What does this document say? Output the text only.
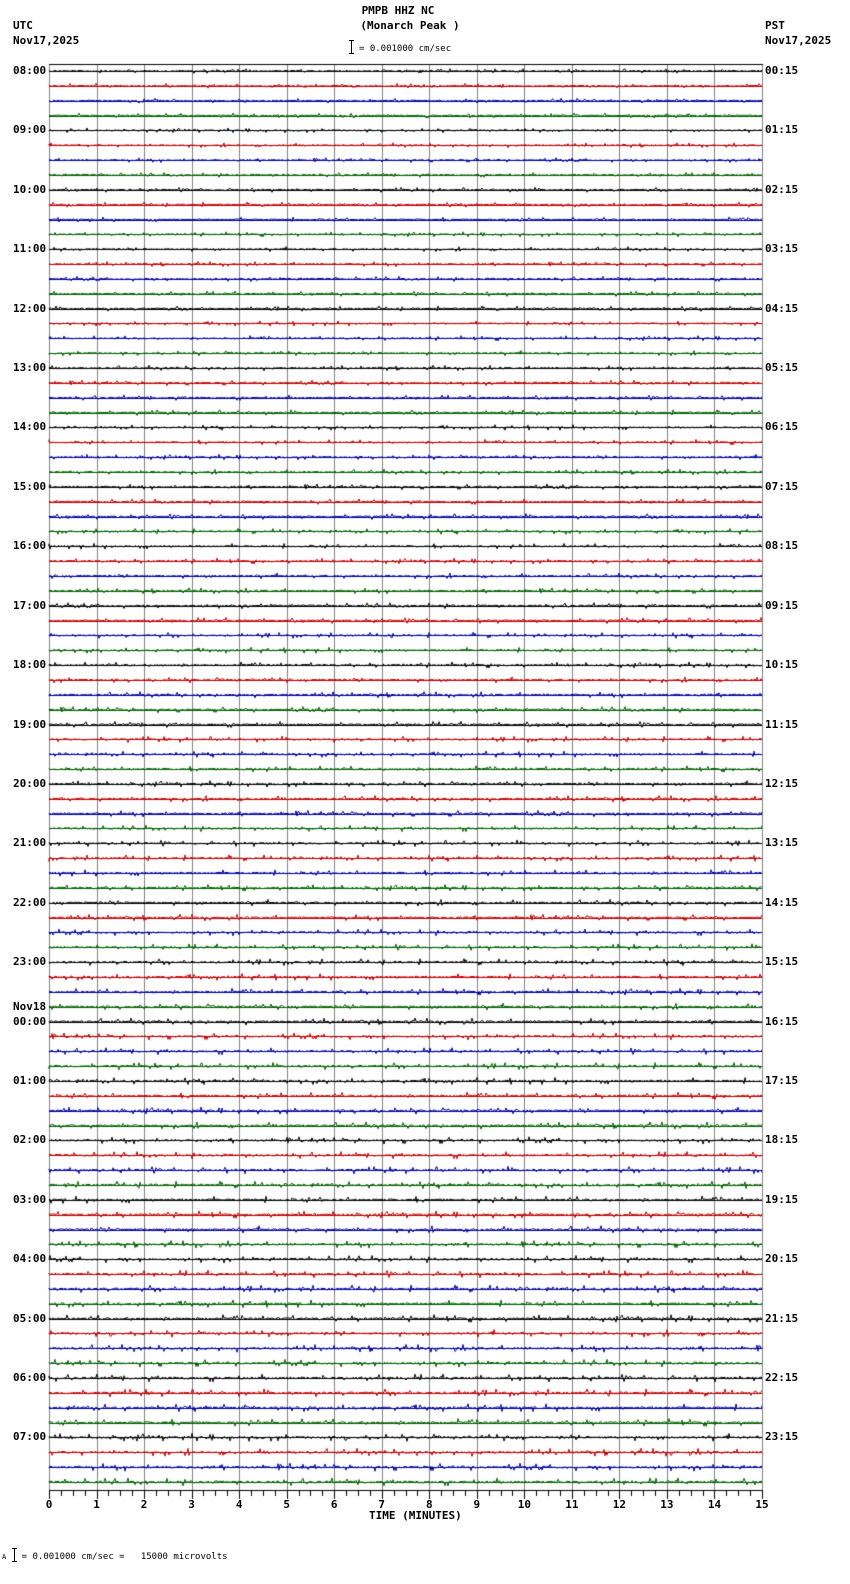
UTC
Nov17,2025
PMPB HHZ NC
(Monarch Peak )
= 0.001000 cm/sec
PST
Nov17,2025
08:00
09:00
10:00
11:00
12:00
13:00
14:00
15:00
16:00
17:00
18:00
19:00
20:00
21:00
22:00
23:00
Nov18
00:00
01:00
02:00
03:00
04:00
05:00
06:00
07:00
00:15
01:15
02:15
03:15
04:15
05:15
06:15
07:15
08:15
09:15
10:15
11:15
12:15
13:15
14:15
15:15
16:15
17:15
18:15
19:15
20:15
21:15
22:15
23:15
0	1	2	3	4	5	6	7	8	9	10	11	12	13	14	15
TIME (MINUTES)
A = 0.001000 cm/sec =   15000 microvolts
